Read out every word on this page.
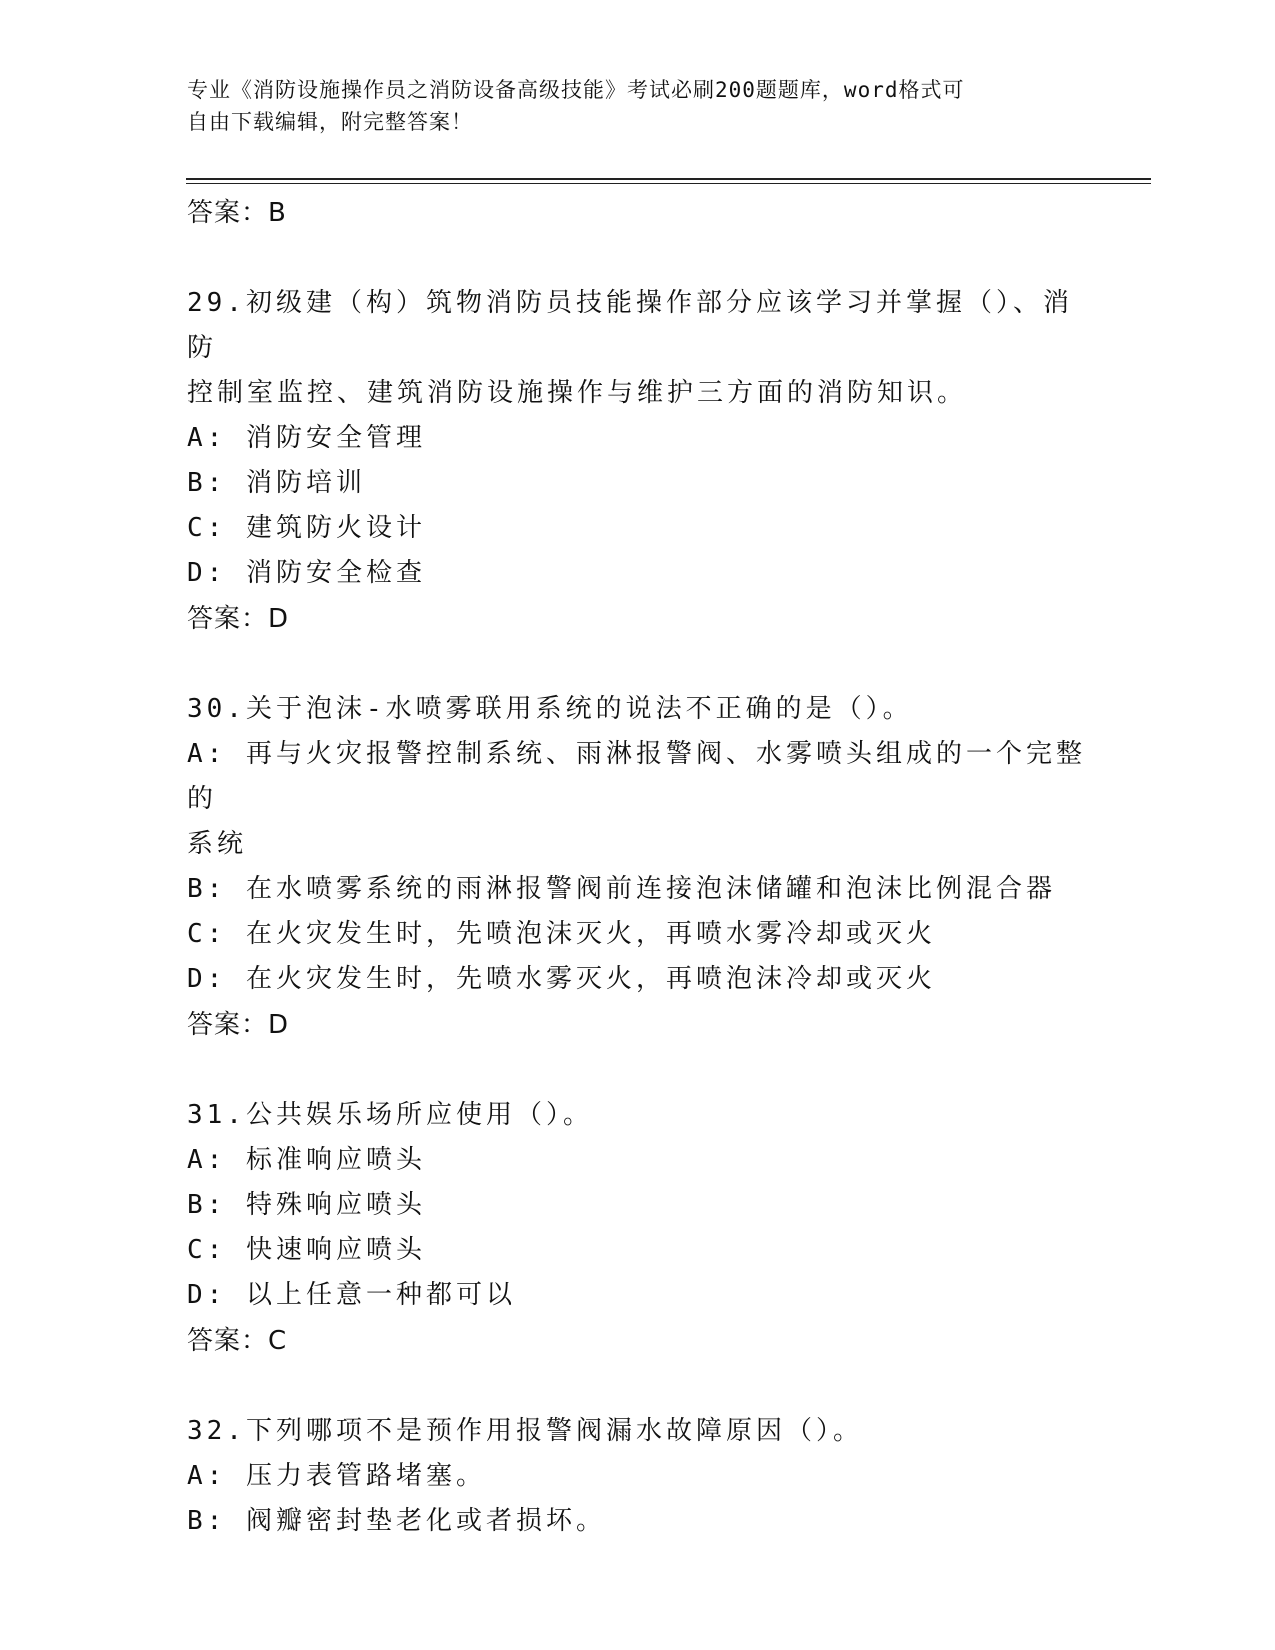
专业《消防设施操作员之消防设备高级技能》考试必刷200题题库，word格式可
自由下载编辑，附完整答案！
答案：B
29.初级建（构）筑物消防员技能操作部分应该学习并掌握（）、消防
控制室监控、建筑消防设施操作与维护三方面的消防知识。
A: 消防安全管理
B: 消防培训
C: 建筑防火设计
D: 消防安全检查
答案：D
30.关于泡沫-水喷雾联用系统的说法不正确的是（）。
A: 再与火灾报警控制系统、雨淋报警阀、水雾喷头组成的一个完整的
系统
B: 在水喷雾系统的雨淋报警阀前连接泡沫储罐和泡沫比例混合器
C: 在火灾发生时，先喷泡沫灭火，再喷水雾冷却或灭火
D: 在火灾发生时，先喷水雾灭火，再喷泡沫冷却或灭火
答案：D
31.公共娱乐场所应使用（）。
A: 标准响应喷头
B: 特殊响应喷头
C: 快速响应喷头
D: 以上任意一种都可以
答案：C
32.下列哪项不是预作用报警阀漏水故障原因（）。
A: 压力表管路堵塞。
B: 阀瓣密封垫老化或者损坏。
